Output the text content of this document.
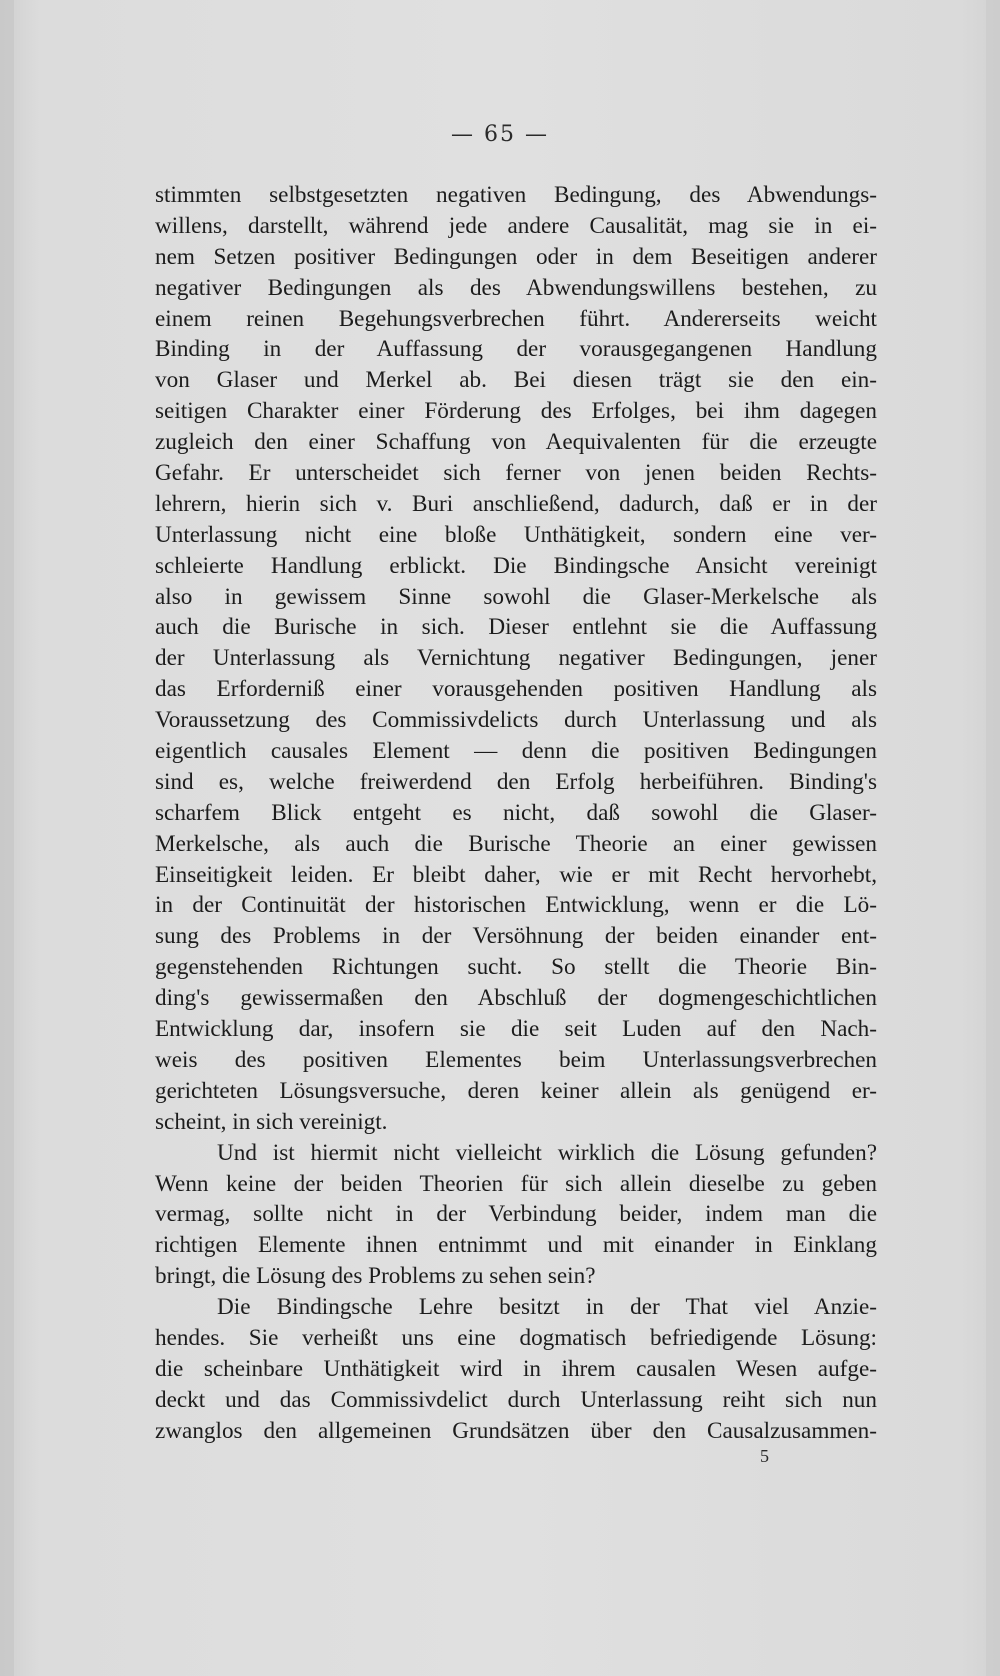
— 65 —
stimmten selbstgesetzten negativen Bedingung, des Abwendungs-
willens, darstellt, während jede andere Causalität, mag sie in ei-
nem Setzen positiver Bedingungen oder in dem Beseitigen anderer
negativer Bedingungen als des Abwendungswillens bestehen, zu
einem reinen Begehungsverbrechen führt. Andererseits weicht
Binding in der Auffassung der vorausgegangenen Handlung
von Glaser und Merkel ab. Bei diesen trägt sie den ein-
seitigen Charakter einer Förderung des Erfolges, bei ihm dagegen
zugleich den einer Schaffung von Aequivalenten für die erzeugte
Gefahr. Er unterscheidet sich ferner von jenen beiden Rechts-
lehrern, hierin sich v. Buri anschließend, dadurch, daß er in der
Unterlassung nicht eine bloße Unthätigkeit, sondern eine ver-
schleierte Handlung erblickt. Die Bindingsche Ansicht vereinigt
also in gewissem Sinne sowohl die Glaser-Merkelsche als
auch die Burische in sich. Dieser entlehnt sie die Auffassung
der Unterlassung als Vernichtung negativer Bedingungen, jener
das Erforderniß einer vorausgehenden positiven Handlung als
Voraussetzung des Commissivdelicts durch Unterlassung und als
eigentlich causales Element — denn die positiven Bedingungen
sind es, welche freiwerdend den Erfolg herbeiführen. Binding's
scharfem Blick entgeht es nicht, daß sowohl die Glaser-
Merkelsche, als auch die Burische Theorie an einer gewissen
Einseitigkeit leiden. Er bleibt daher, wie er mit Recht hervorhebt,
in der Continuität der historischen Entwicklung, wenn er die Lö-
sung des Problems in der Versöhnung der beiden einander ent-
gegenstehenden Richtungen sucht. So stellt die Theorie Bin-
ding's gewissermaßen den Abschluß der dogmengeschichtlichen
Entwicklung dar, insofern sie die seit Luden auf den Nach-
weis des positiven Elementes beim Unterlassungsverbrechen
gerichteten Lösungsversuche, deren keiner allein als genügend er-
scheint, in sich vereinigt.
Und ist hiermit nicht vielleicht wirklich die Lösung gefunden?
Wenn keine der beiden Theorien für sich allein dieselbe zu geben
vermag, sollte nicht in der Verbindung beider, indem man die
richtigen Elemente ihnen entnimmt und mit einander in Einklang
bringt, die Lösung des Problems zu sehen sein?
Die Bindingsche Lehre besitzt in der That viel Anzie-
hendes. Sie verheißt uns eine dogmatisch befriedigende Lösung:
die scheinbare Unthätigkeit wird in ihrem causalen Wesen aufge-
deckt und das Commissivdelict durch Unterlassung reiht sich nun
zwanglos den allgemeinen Grundsätzen über den Causalzusammen-
5
